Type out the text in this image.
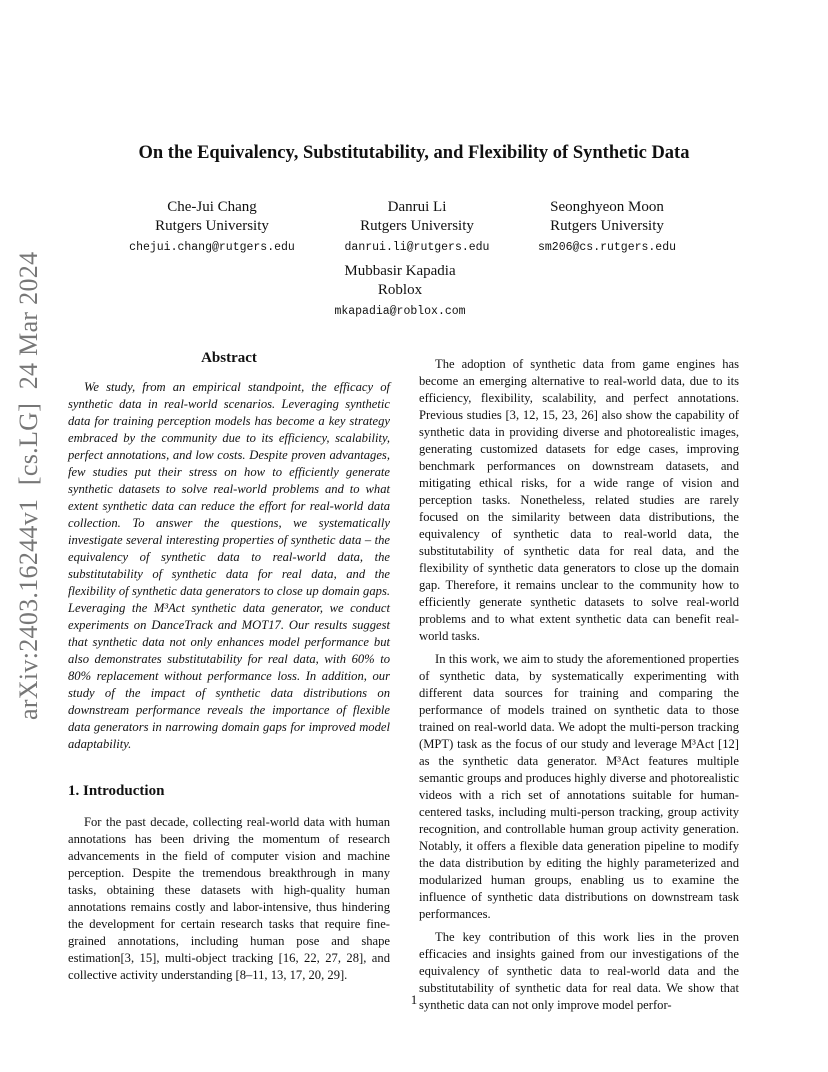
On the Equivalency, Substitutability, and Flexibility of Synthetic Data
Che-Jui Chang
Rutgers University
chejui.chang@rutgers.edu
Danrui Li
Rutgers University
danrui.li@rutgers.edu
Seonghyeon Moon
Rutgers University
sm206@cs.rutgers.edu
Mubbasir Kapadia
Roblox
mkapadia@roblox.com
arXiv:2403.16244v1  [cs.LG]  24 Mar 2024	Abstract

We study, from an empirical standpoint, the efficacy of synthetic data in real-world scenarios. Leveraging synthetic data for training perception models has become a key strategy embraced by the community due to its efficiency, scalability, perfect annotations, and low costs. Despite proven advantages, few studies put their stress on how to efficiently generate synthetic datasets to solve real-world problems and to what extent synthetic data can reduce the effort for real-world data collection. To answer the questions, we systematically investigate several interesting properties of synthetic data – the equivalency of synthetic data to real-world data, the substitutability of synthetic data for real data, and the flexibility of synthetic data generators to close up domain gaps. Leveraging the M³Act synthetic data generator, we conduct experiments on DanceTrack and MOT17. Our results suggest that synthetic data not only enhances model performance but also demonstrates substitutability for real data, with 60% to 80% replacement without performance loss. In addition, our study of the impact of synthetic data distributions on downstream performance reveals the importance of flexible data generators in narrowing domain gaps for improved model adaptability.

1. Introduction

For the past decade, collecting real-world data with human annotations has been driving the momentum of research advancements in the field of computer vision and machine perception. Despite the tremendous breakthrough in many tasks, obtaining these datasets with high-quality human annotations remains costly and labor-intensive, thus hindering the development for certain research tasks that require fine-grained annotations, including human pose and shape estimation[3, 15], multi-object tracking [16, 22, 27, 28], and collective activity understanding [8–11, 13, 17, 20, 29].

The adoption of synthetic data from game engines has become an emerging alternative to real-world data, due to its efficiency, flexibility, scalability, and perfect annotations. Previous studies [3, 12, 15, 23, 26] also show the capability of synthetic data in providing diverse and photorealistic images, generating customized datasets for edge cases, improving benchmark performances on downstream datasets, and mitigating ethical risks, for a wide range of vision and perception tasks. Nonetheless, related studies are rarely focused on the similarity between data distributions, the equivalency of synthetic data to real-world data, the substitutability of synthetic data for real data, and the flexibility of synthetic data generators to close up the domain gap. Therefore, it remains unclear to the community how to efficiently generate synthetic datasets to solve real-world problems and to what extent synthetic data can benefit real-world tasks.

In this work, we aim to study the aforementioned properties of synthetic data, by systematically experimenting with different data sources for training and comparing the performance of models trained on synthetic data to those trained on real-world data. We adopt the multi-person tracking (MPT) task as the focus of our study and leverage M³Act [12] as the synthetic data generator. M³Act features multiple semantic groups and produces highly diverse and photorealistic videos with a rich set of annotations suitable for human-centered tasks, including multi-person tracking, group activity recognition, and controllable human group activity generation. Notably, it offers a flexible data generation pipeline to modify the data distribution by editing the highly parameterized and modularized human groups, enabling us to examine the influence of synthetic data distributions on downstream task performances.

The key contribution of this work lies in the proven efficacies and insights gained from our investigations of the equivalency of synthetic data to real-world data and the substitutability of synthetic data for real data. We show that synthetic data can not only improve model perfor-

1
